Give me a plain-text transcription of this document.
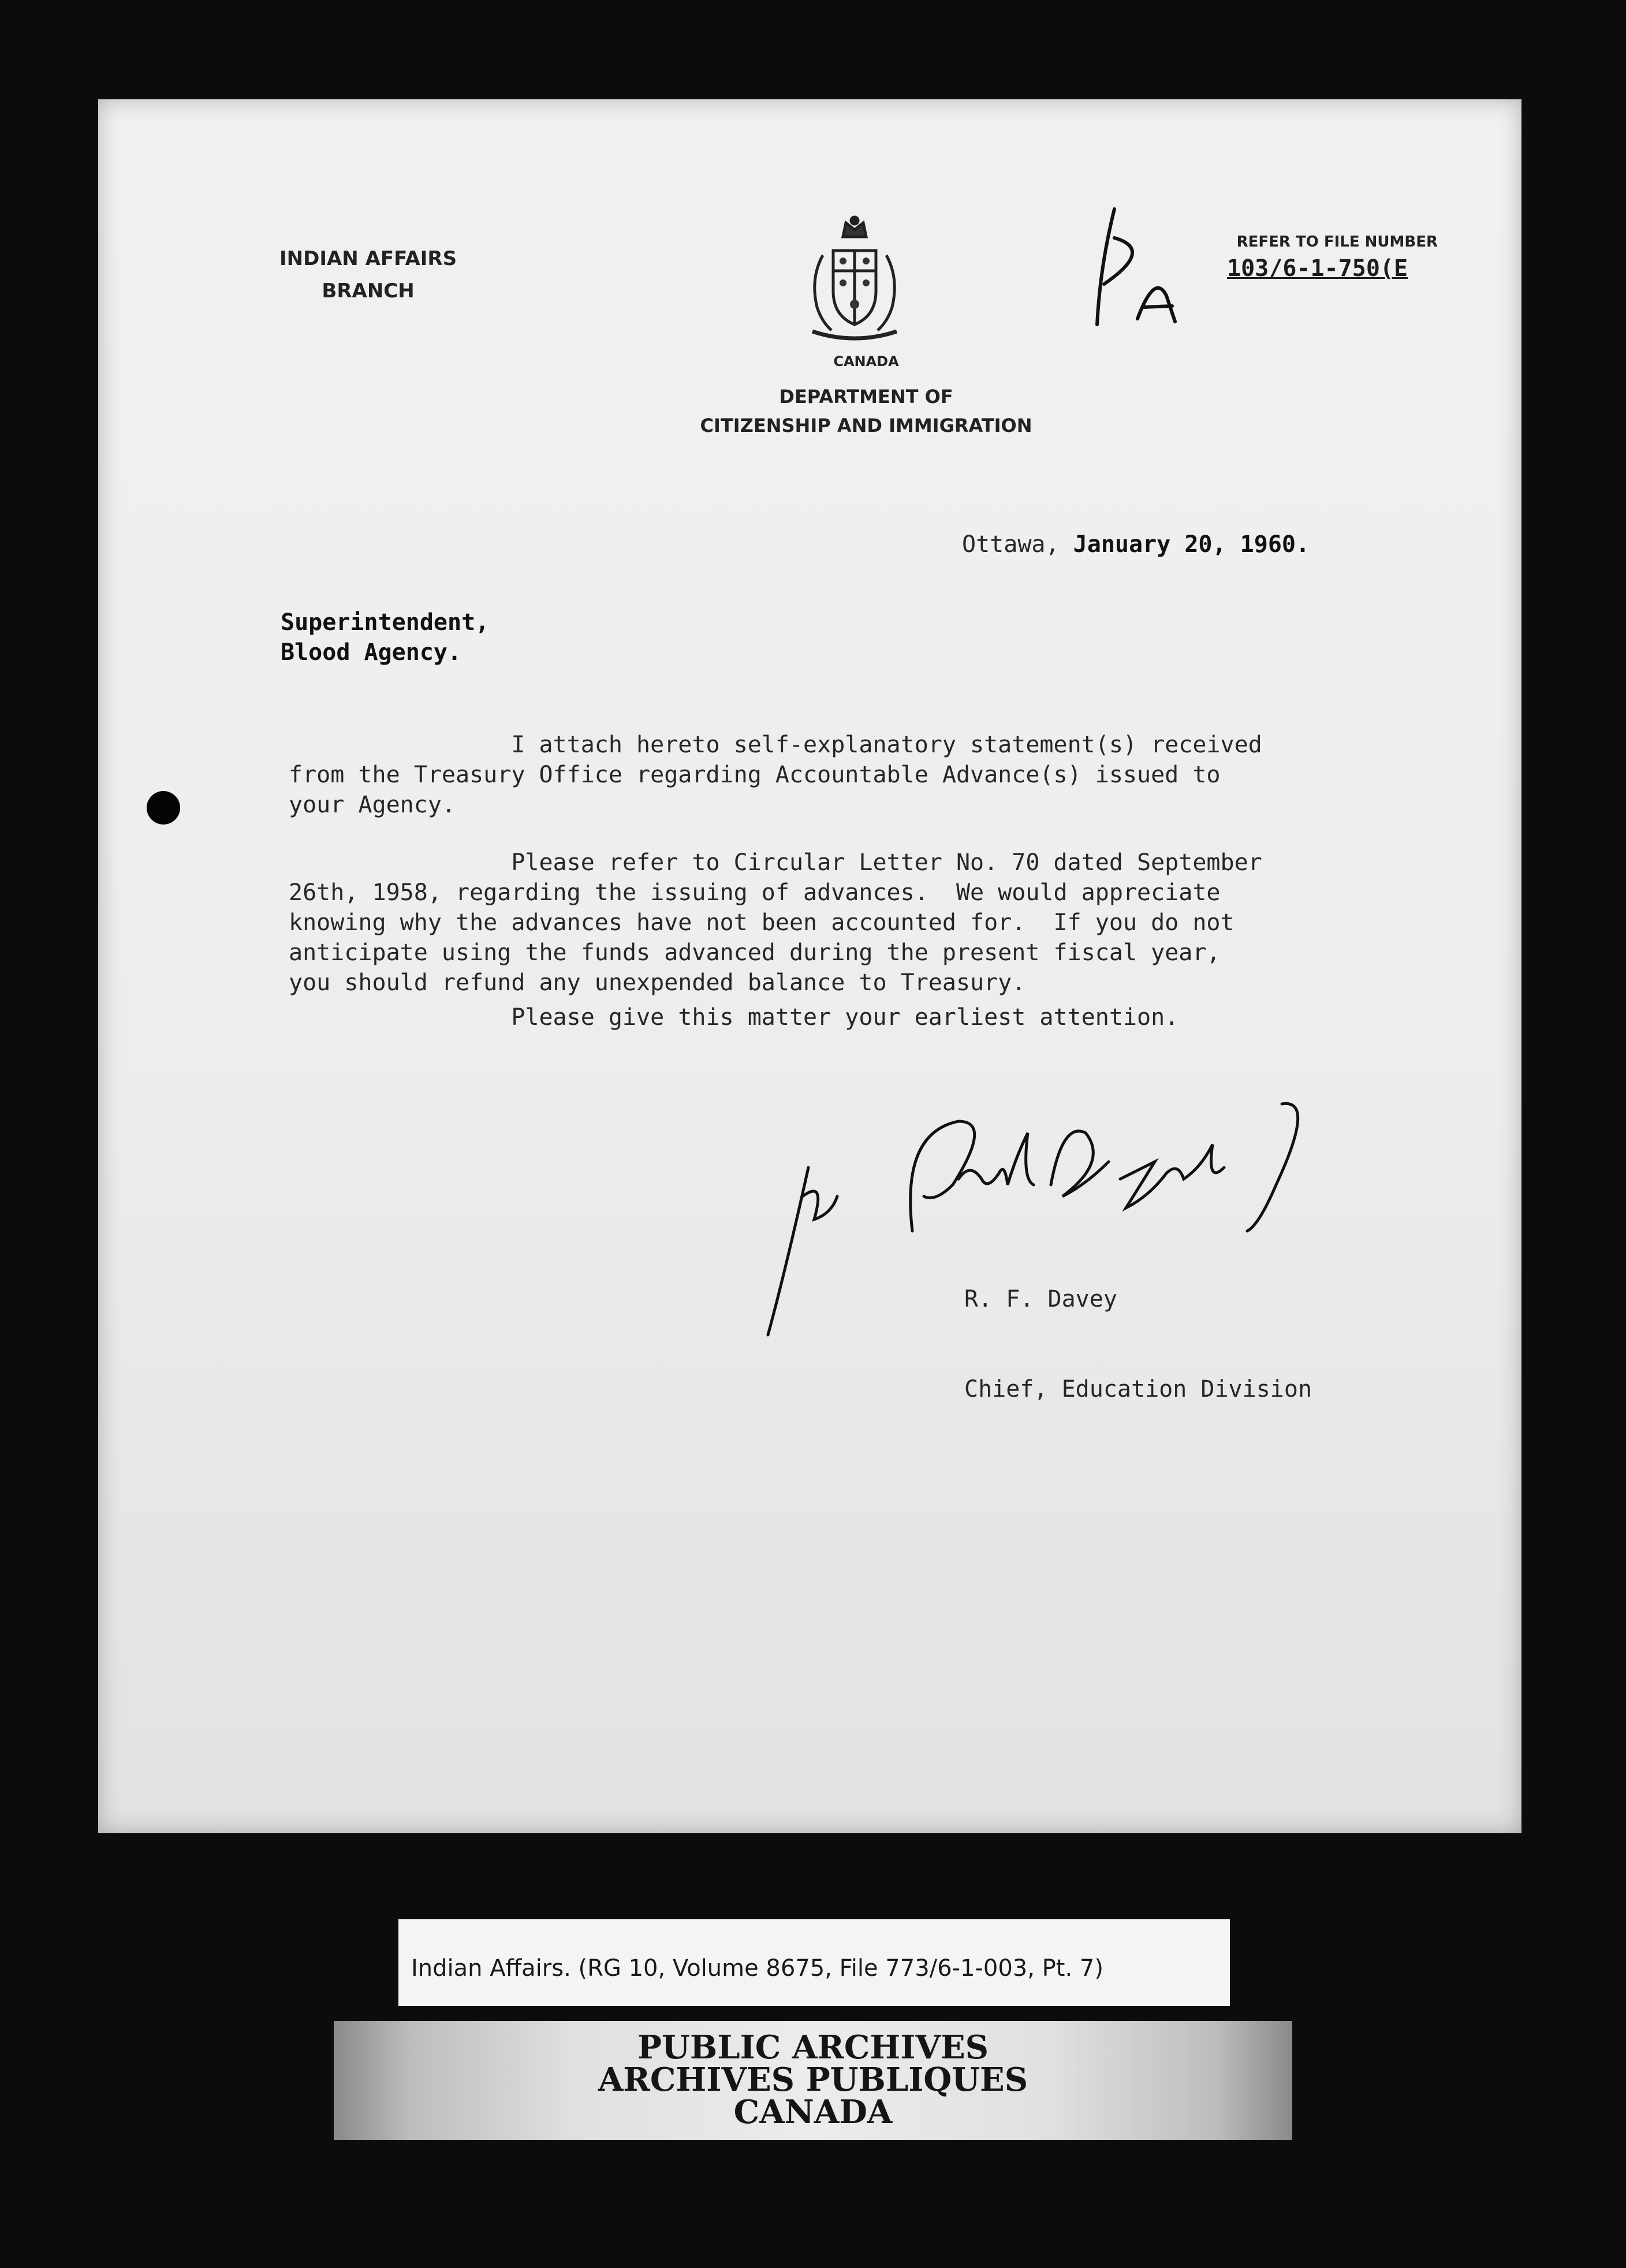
INDIAN AFFAIRS
BRANCH
CANADA
DEPARTMENT OF
CITIZENSHIP AND IMMIGRATION
REFER TO FILE NUMBER
103/6-1-750(E
Ottawa, January 20, 1960.
Superintendent,
Blood Agency.
I attach hereto self-explanatory statement(s) received
from the Treasury Office regarding Accountable Advance(s) issued to
your Agency.
Please refer to Circular Letter No. 70 dated September
26th, 1958, regarding the issuing of advances.  We would appreciate
knowing why the advances have not been accounted for.  If you do not
anticipate using the funds advanced during the present fiscal year,
you should refund any unexpended balance to Treasury.
Please give this matter your earliest attention.

R. F. Davey

Chief, Education Division

Indian Affairs. (RG 10, Volume 8675, File 773/6-1-003, Pt. 7)
PUBLIC ARCHIVES
ARCHIVES PUBLIQUES
CANADA
